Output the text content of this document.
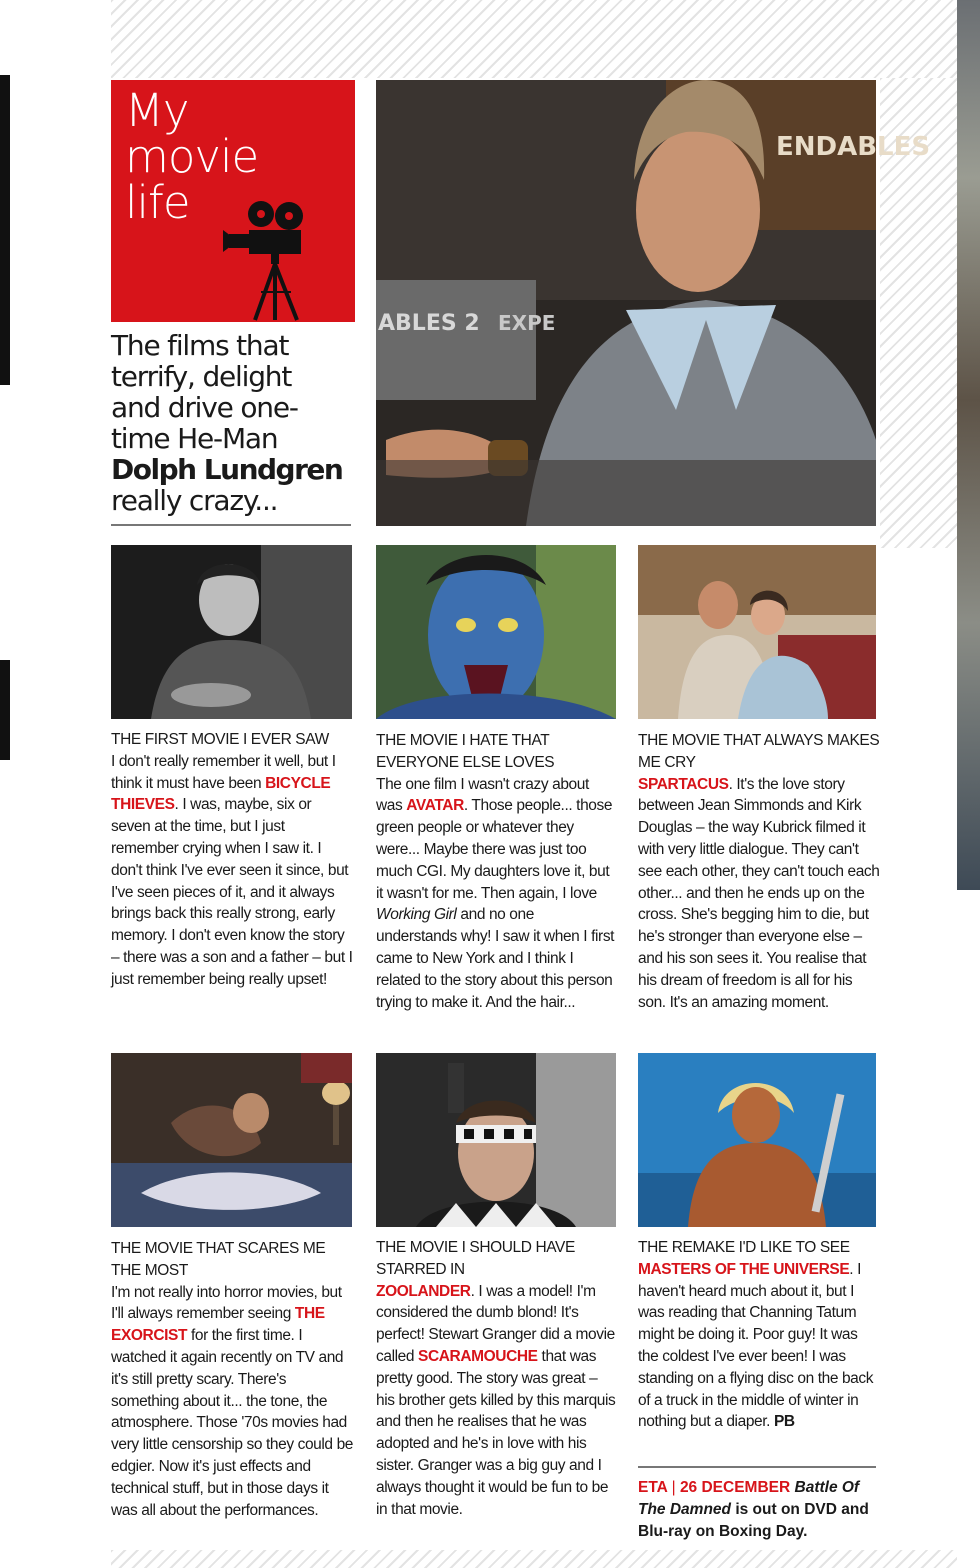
My
movie
life
The films that
terrify, delight
and drive one-
time He-Man
Dolph Lundgren
really crazy...
ENDABLES
ABLES 2 EXPE
THE FIRST MOVIE I EVER SAW
I don't really remember it well, but I think it must have been BICYCLE THIEVES. I was, maybe, six or seven at the time, but I just remember crying when I saw it. I don't think I've ever seen it since, but I've seen pieces of it, and it always brings back this really strong, early memory. I don't even know the story – there was a son and a father – but I just remember being really upset!
THE MOVIE I HATE THAT EVERYONE ELSE LOVES
The one film I wasn't crazy about was AVATAR. Those people... those green people or whatever they were... Maybe there was just too much CGI. My daughters love it, but it wasn't for me. Then again, I love Working Girl and no one understands why! I saw it when I first came to New York and I think I related to the story about this person trying to make it. And the hair...
THE MOVIE THAT ALWAYS MAKES ME CRY
SPARTACUS. It's the love story between Jean Simmonds and Kirk Douglas – the way Kubrick filmed it with very little dialogue. They can't see each other, they can't touch each other... and then he ends up on the cross. She's begging him to die, but he's stronger than everyone else – and his son sees it. You realise that his dream of freedom is all for his son. It's an amazing moment.
THE MOVIE THAT SCARES ME THE MOST
I'm not really into horror movies, but I'll always remember seeing THE EXORCIST for the first time. I watched it again recently on TV and it's still pretty scary. There's something about it... the tone, the atmosphere. Those '70s movies had very little censorship so they could be edgier. Now it's just effects and technical stuff, but in those days it was all about the performances.
THE MOVIE I SHOULD HAVE STARRED IN
ZOOLANDER. I was a model! I'm considered the dumb blond! It's perfect! Stewart Granger did a movie called SCARAMOUCHE that was pretty good. The story was great – his brother gets killed by this marquis and then he realises that he was adopted and he's in love with his sister. Granger was a big guy and I always thought it would be fun to be in that movie.
THE REMAKE I'D LIKE TO SEE
MASTERS OF THE UNIVERSE. I haven't heard much about it, but I was reading that Channing Tatum might be doing it. Poor guy! It was the coldest I've ever been! I was standing on a flying disc on the back of a truck in the middle of winter in nothing but a diaper. PB
ETA | 26 DECEMBER Battle Of The Damned is out on DVD and Blu-ray on Boxing Day.
